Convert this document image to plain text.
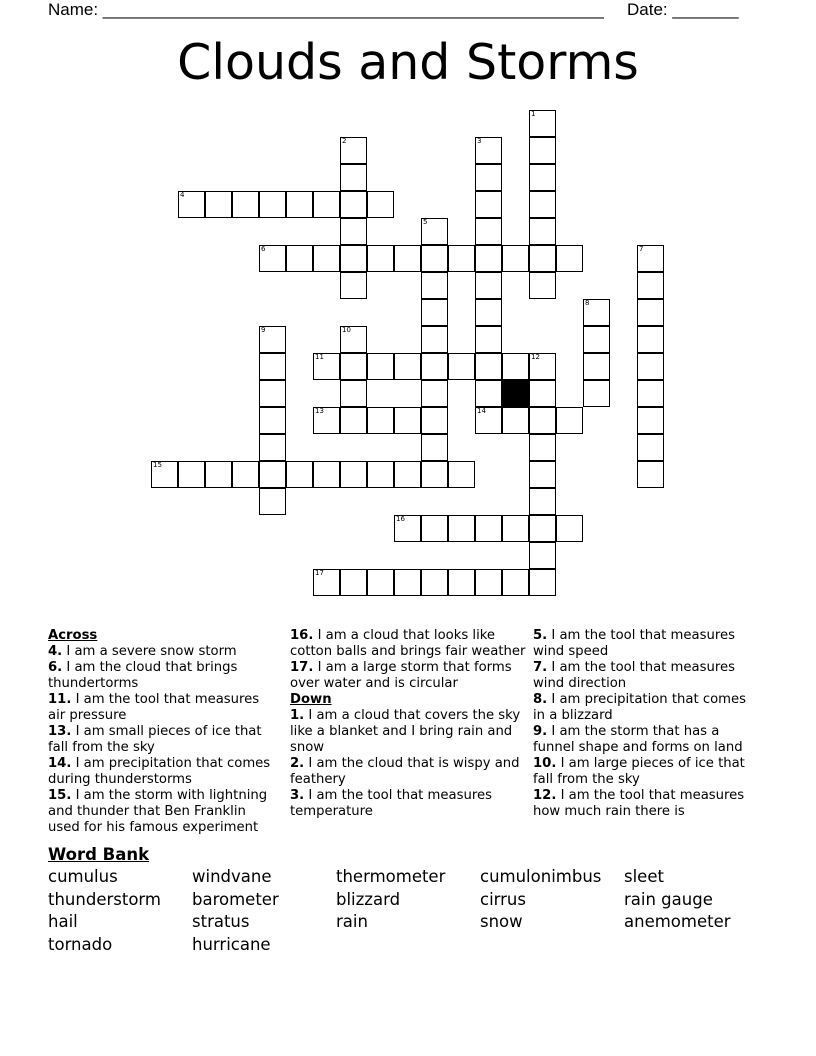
Name: _____________________________________________________ Date: _______
Clouds and Storms
1
2	3
14
4
5
6	7
8
9	10
11	12
13
15
16
17
Across
4. I am a severe snow storm
6. I am the cloud that brings thundertorms
11. I am the tool that measures air pressure
13. I am small pieces of ice that fall from the sky
14. I am precipitation that comes during thunderstorms
15. I am the storm with lightning and thunder that Ben Franklin used for his famous experiment
16. I am a cloud that looks like cotton balls and brings fair weather
17. I am a large storm that forms over water and is circular
Down
1. I am a cloud that covers the sky like a blanket and I bring rain and snow
2. I am the cloud that is wispy and feathery
3. I am the tool that measures temperature
5. I am the tool that measures wind speed
7. I am the tool that measures wind direction
8. I am precipitation that comes in a blizzard
9. I am the storm that has a funnel shape and forms on land
10. I am large pieces of ice that fall from the sky
12. I am the tool that measures how much rain there is
Word Bank
cumulus	windvane	thermometer	cumulonimbus	sleet
thunderstorm	barometer	blizzard	cirrus	rain gauge
hail	stratus	rain	snow	anemometer
tornado	hurricane
